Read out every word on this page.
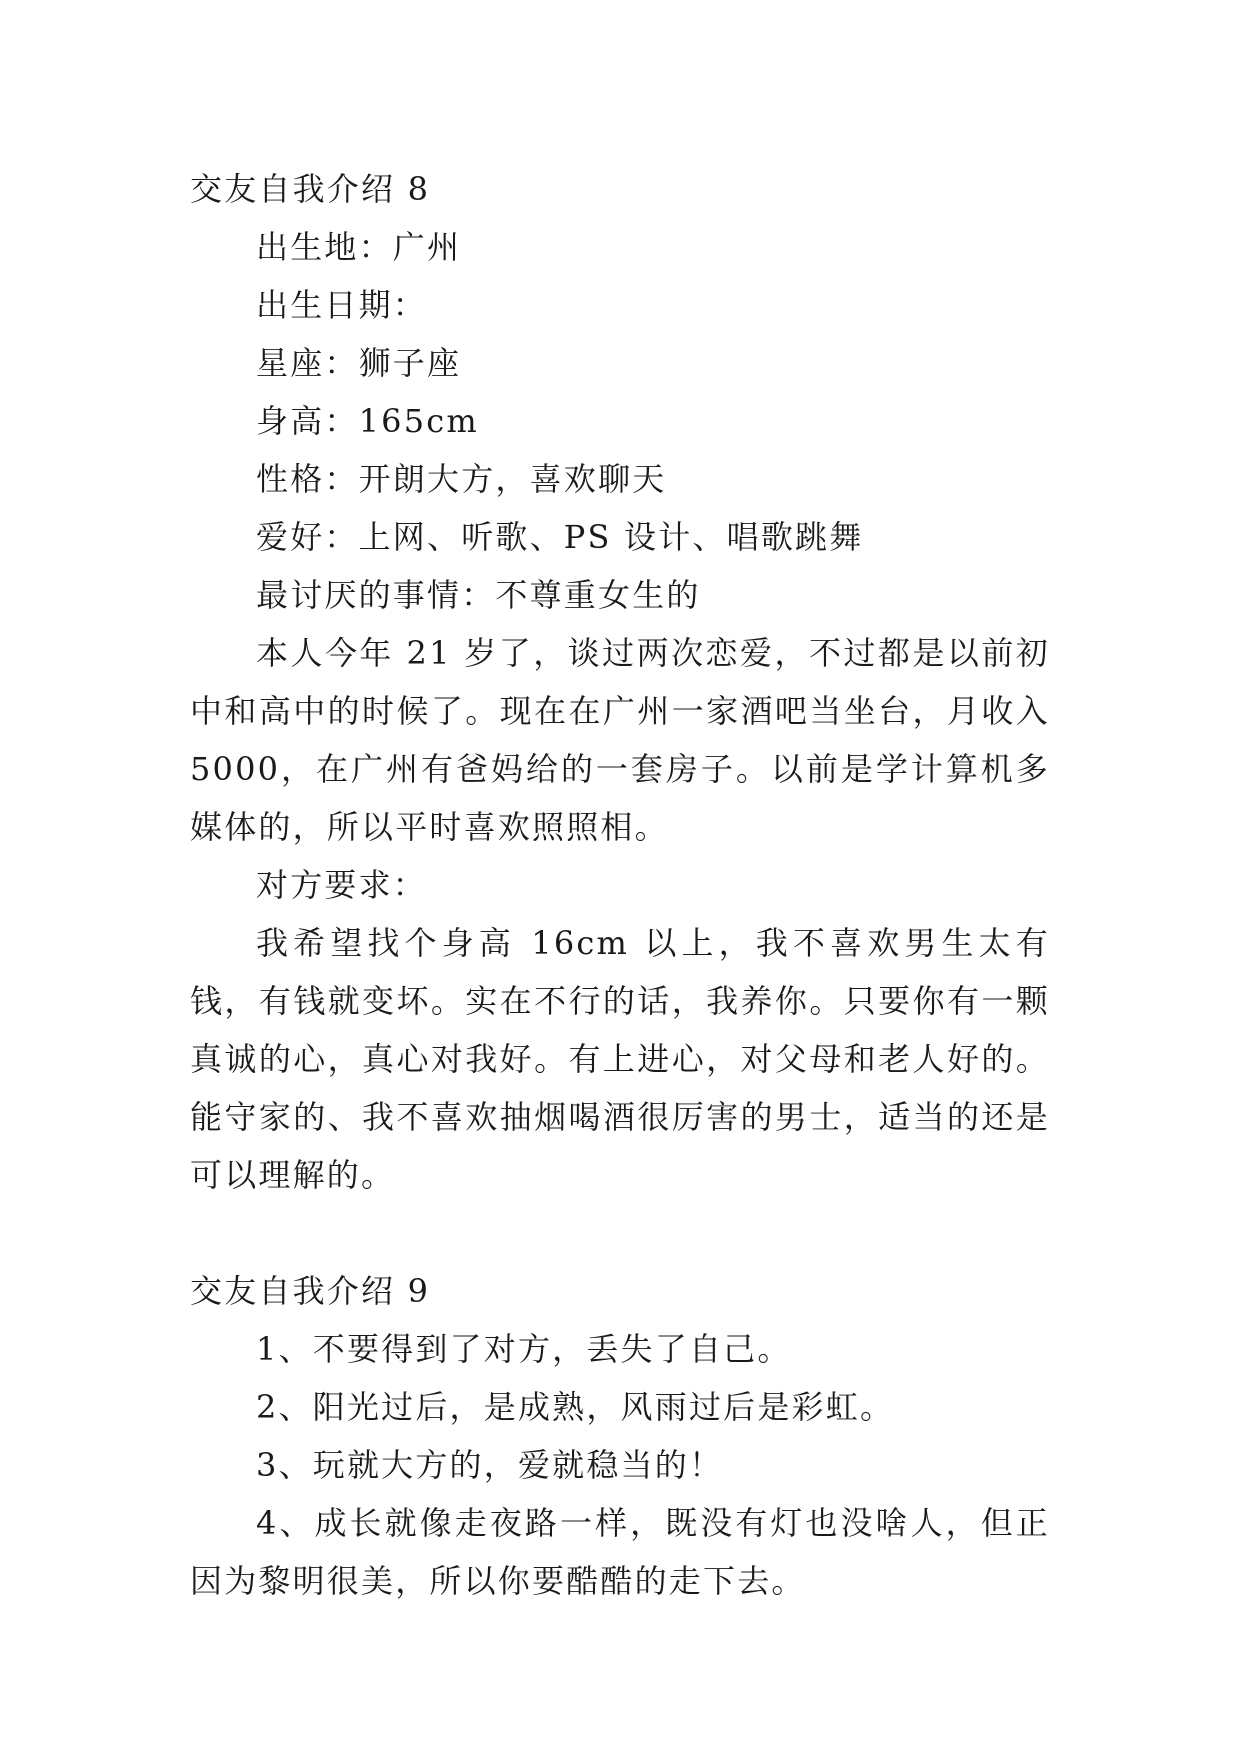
交友自我介绍 8

出生地：广州

出生日期：

星座：狮子座

身高：165cm

性格：开朗大方，喜欢聊天

爱好：上网、听歌、PS 设计、唱歌跳舞

最讨厌的事情：不尊重女生的

本人今年 21 岁了，谈过两次恋爱，不过都是以前初中和高中的时候了。现在在广州一家酒吧当坐台，月收入 5000，在广州有爸妈给的一套房子。以前是学计算机多媒体的，所以平时喜欢照照相。

对方要求：

我希望找个身高 16cm 以上，我不喜欢男生太有钱，有钱就变坏。实在不行的话，我养你。只要你有一颗真诚的心，真心对我好。有上进心，对父母和老人好的。能守家的、我不喜欢抽烟喝酒很厉害的男士，适当的还是可以理解的。

交友自我介绍 9

1、不要得到了对方，丢失了自己。

2、阳光过后，是成熟，风雨过后是彩虹。

3、玩就大方的，爱就稳当的！

4、成长就像走夜路一样，既没有灯也没啥人，但正因为黎明很美，所以你要酷酷的走下去。
